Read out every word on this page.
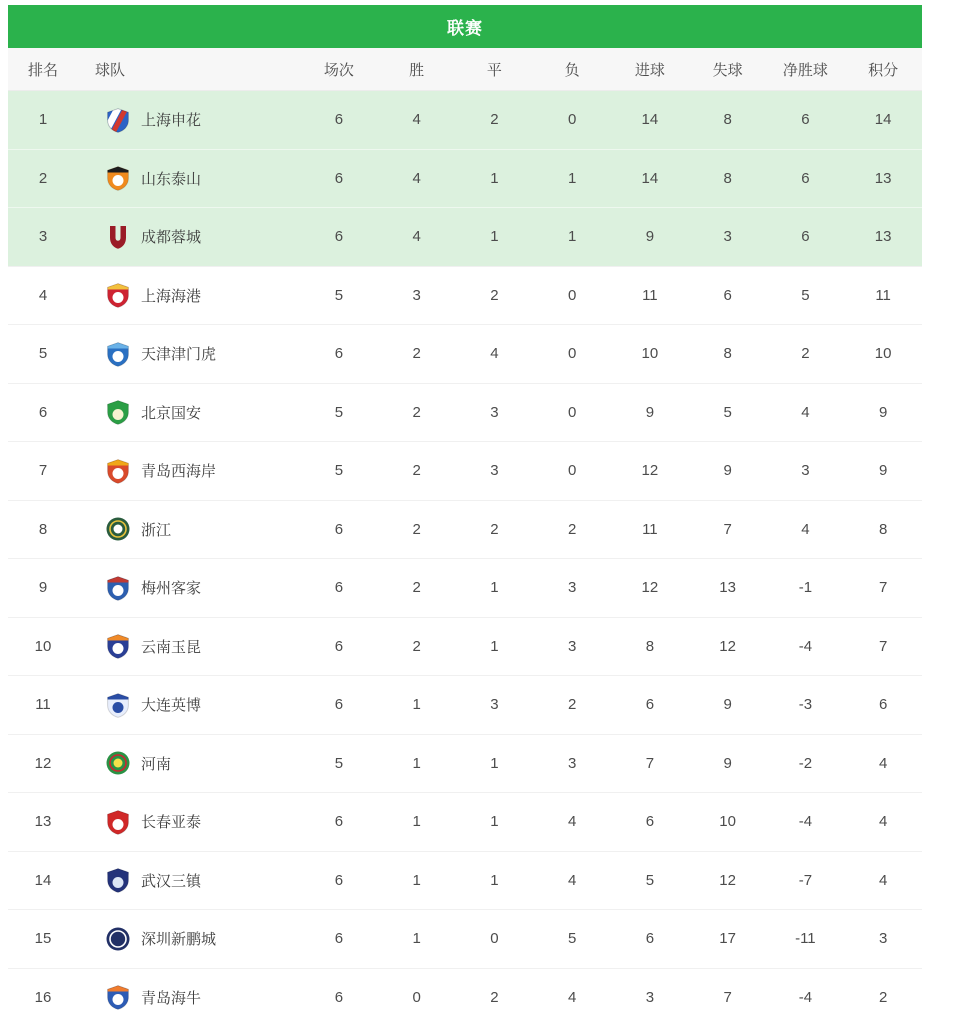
联赛
排名	球队	场次	胜	平	负	进球	失球	净胜球	积分
1	上海申花	6	4	2	0	14	8	6	14
2	山东泰山	6	4	1	1	14	8	6	13
3	成都蓉城	6	4	1	1	9	3	6	13
4	上海海港	5	3	2	0	11	6	5	11
5	天津津门虎	6	2	4	0	10	8	2	10
6	北京国安	5	2	3	0	9	5	4	9
7	青岛西海岸	5	2	3	0	12	9	3	9
8	浙江	6	2	2	2	11	7	4	8
9	梅州客家	6	2	1	3	12	13	-1	7
10	云南玉昆	6	2	1	3	8	12	-4	7
11	大连英博	6	1	3	2	6	9	-3	6
12	河南	5	1	1	3	7	9	-2	4
13	长春亚泰	6	1	1	4	6	10	-4	4
14	武汉三镇	6	1	1	4	5	12	-7	4
15	深圳新鹏城	6	1	0	5	6	17	-11	3
16	青岛海牛	6	0	2	4	3	7	-4	2
